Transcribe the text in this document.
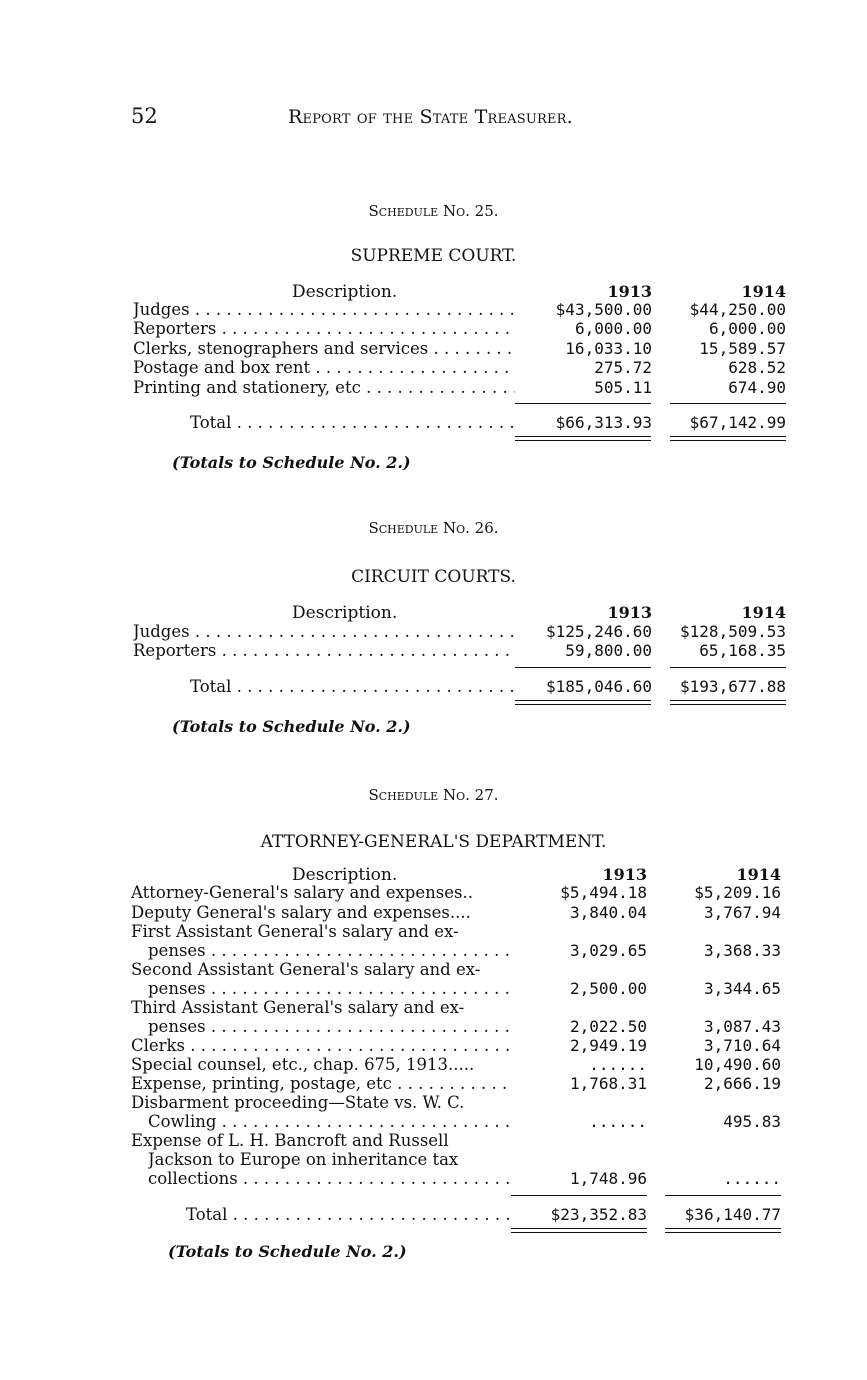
52	Report of the State Treasurer.
Schedule No. 25.
SUPREME COURT.
Description.	1913	1914
Judges . . .	$43,500.00	$44,250.00
Reporters . . .	6,000.00	6,000.00
Clerks, stenographers and services . . .	16,033.10	15,589.57
Postage and box rent . . .	275.72	628.52
Printing and stationery, etc . . .	505.11	674.90
Total . . .	$66,313.93	$67,142.99
(Totals to Schedule No. 2.)
Schedule No. 26.
CIRCUIT COURTS.
Description.	1913	1914
Judges . . .	$125,246.60	$128,509.53
Reporters . . .	59,800.00	65,168.35
Total . . .	$185,046.60	$193,677.88
(Totals to Schedule No. 2.)
Schedule No. 27.
ATTORNEY-GENERAL'S DEPARTMENT.
Description.	1913	1914
Attorney-General's salary and expenses..	$5,494.18	$5,209.16
Deputy General's salary and expenses....	3,840.04	3,767.94
First Assistant General's salary and ex-
penses . . .	3,029.65	3,368.33
Second Assistant General's salary and ex-
penses . . .	2,500.00	3,344.65
Third Assistant General's salary and ex-
penses . . .	2,022.50	3,087.43
Clerks . . .	2,949.19	3,710.64
Special counsel, etc., chap. 675, 1913.....	......	10,490.60
Expense, printing, postage, etc . . .	1,768.31	2,666.19
Disbarment proceeding—State vs. W. C.
Cowling . . .	......	495.83
Expense of L. H. Bancroft and Russell
Jackson to Europe on inheritance tax
collections . . .	1,748.96	......
Total . . .	$23,352.83	$36,140.77
(Totals to Schedule No. 2.)
